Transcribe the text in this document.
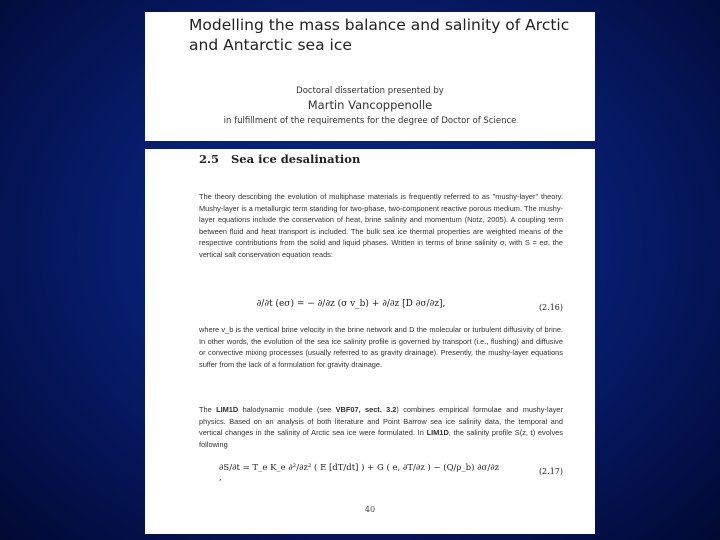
Modelling the mass balance and salinity of Arctic
and Antarctic sea ice
Doctoral dissertation presented by
Martin Vancoppenolle
in fulfillment of the requirements for the degree of Doctor of Science
2.5 Sea ice desalination

The theory describing the evolution of multiphase materials is frequently referred to as "mushy-layer" theory. Mushy-layer is a metallurgic term standing for two-phase, two-component reactive porous medium. The mushy-layer equations include the conservation of heat, brine salinity and momentum (Notz, 2005). A coupling term between fluid and heat transport is included. The bulk sea ice thermal properties are weighted means of the respective contributions from the solid and liquid phases. Written in terms of brine salinity σ, with S = eσ, the vertical salt conservation equation reads:

∂/∂t (eσ) = − ∂/∂z (σ v_b) + ∂/∂z [D ∂σ/∂z],	(2.16)

where v_b is the vertical brine velocity in the brine network and D the molecular or turbulent diffusivity of brine. In other words, the evolution of the sea ice salinity profile is governed by transport (i.e., flushing) and diffusive or convective mixing processes (usually referred to as gravity drainage). Presently, the mushy-layer equations suffer from the lack of a formulation for gravity drainage.

The LIM1D halodynamic module (see VBF07, sect. 3.2) combines empirical formulae and mushy-layer physics. Based on an analysis of both literature and Point Barrow sea ice salinity data, the temporal and vertical changes in the salinity of Arctic sea ice were formulated. In LIM1D, the salinity profile S(z, t) evolves following

∂S/∂t = T_e K_e ∂²/∂z² ( E [dT/dt] ) + G ( e, ∂T/∂z ) − (Q/ρ_b) ∂σ/∂z ,
(2.17)
40
